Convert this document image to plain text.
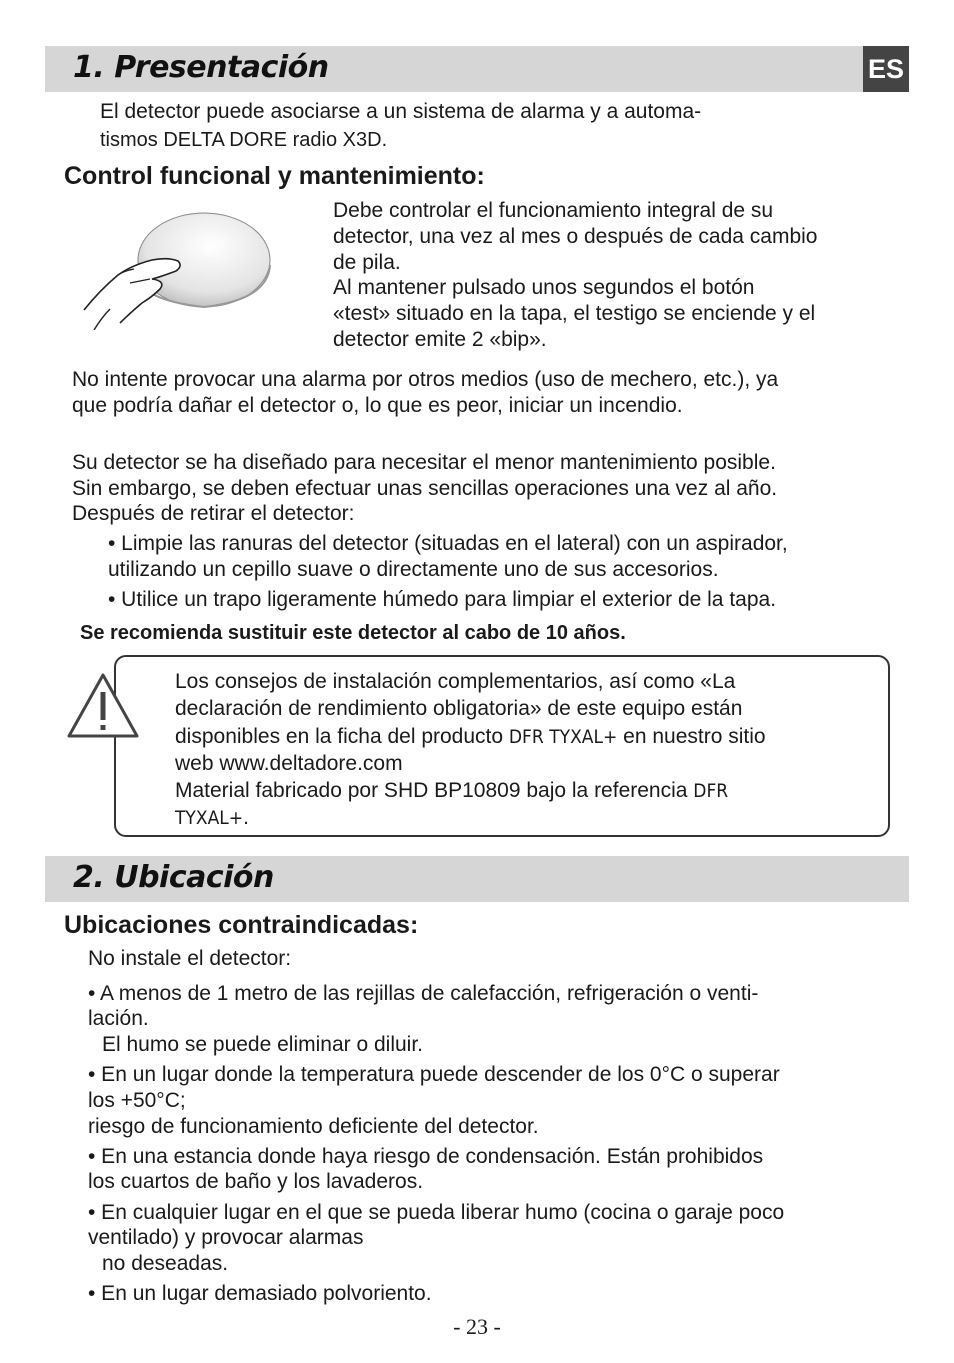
1. Presentación	ES

El detector puede asociarse a un sistema de alarma y a automa-

tismos DELTA DORE radio X3D.

Control funcional y mantenimiento:

Debe controlar el funcionamiento integral de su

detector, una vez al mes o después de cada cambio

de pila.

Al mantener pulsado unos segundos el botón

«test» situado en la tapa, el testigo se enciende y el

detector emite 2 «bip».

No intente provocar una alarma por otros medios (uso de mechero, etc.), ya

que podría dañar el detector o, lo que es peor, iniciar un incendio.

Su detector se ha diseñado para necesitar el menor mantenimiento posible.

Sin embargo, se deben efectuar unas sencillas operaciones una vez al año.

Después de retirar el detector:

• Limpie las ranuras del detector (situadas en el lateral) con un aspirador,

utilizando un cepillo suave o directamente uno de sus accesorios.

• Utilice un trapo ligeramente húmedo para limpiar el exterior de la tapa.

Se recomienda sustituir este detector al cabo de 10 años.

Los consejos de instalación complementarios, así como «La

declaración de rendimiento obligatoria» de este equipo están

disponibles en la ficha del producto DFR TYXAL+ en nuestro sitio

web www.deltadore.com

Material fabricado por SHD BP10809 bajo la referencia DFR

TYXAL+.

2. Ubicación

Ubicaciones contraindicadas:

No instale el detector:

• A menos de 1 metro de las rejillas de calefacción, refrigeración o venti-

lación.

El humo se puede eliminar o diluir.

• En un lugar donde la temperatura puede descender de los 0°C o superar

los +50°C;

riesgo de funcionamiento deficiente del detector.

• En una estancia donde haya riesgo de condensación. Están prohibidos

los cuartos de baño y los lavaderos.

• En cualquier lugar en el que se pueda liberar humo (cocina o garaje poco

ventilado) y provocar alarmas

no deseadas.

• En un lugar demasiado polvoriento.

- 23 -
